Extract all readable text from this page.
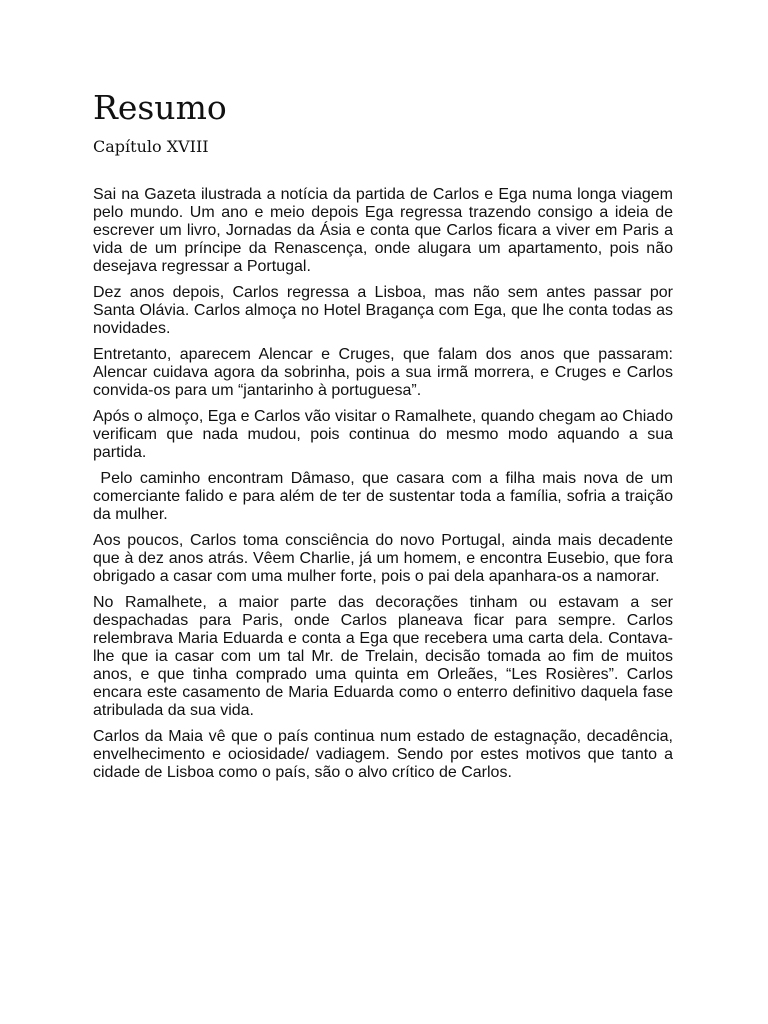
Resumo
Capítulo XVIII

Sai na Gazeta ilustrada a notícia da partida de Carlos e Ega numa longa viagem pelo mundo. Um ano e meio depois Ega regressa trazendo consigo a ideia de escrever um livro, Jornadas da Ásia e conta que Carlos ficara a viver em Paris a vida de um príncipe da Renascença, onde alugara um apartamento, pois não desejava regressar a Portugal.

Dez anos depois, Carlos regressa a Lisboa, mas não sem antes passar por Santa Olávia. Carlos almoça no Hotel Bragança com Ega, que lhe conta todas as novidades.

Entretanto, aparecem Alencar e Cruges, que falam dos anos que passaram: Alencar cuidava agora da sobrinha, pois a sua irmã morrera, e Cruges e Carlos convida-os para um “jantarinho à portuguesa”.

Após o almoço, Ega e Carlos vão visitar o Ramalhete, quando chegam ao Chiado verificam que nada mudou, pois continua do mesmo modo aquando a sua partida.

Pelo caminho encontram Dâmaso, que casara com a filha mais nova de um comerciante falido e para além de ter de sustentar toda a família, sofria a traição da mulher.

Aos poucos, Carlos toma consciência do novo Portugal, ainda mais decadente que à dez anos atrás. Vêem Charlie, já um homem, e encontra Eusebio, que fora obrigado a casar com uma mulher forte, pois o pai dela apanhara-os a namorar.

No Ramalhete, a maior parte das decorações tinham ou estavam a ser despachadas para Paris, onde Carlos planeava ficar para sempre. Carlos relembrava Maria Eduarda e conta a Ega que recebera uma carta dela. Contava-lhe que ia casar com um tal Mr. de Trelain, decisão tomada ao fim de muitos anos, e que tinha comprado uma quinta em Orleães, “Les Rosières”. Carlos encara este casamento de Maria Eduarda como o enterro definitivo daquela fase atribulada da sua vida.

Carlos da Maia vê que o país continua num estado de estagnação, decadência, envelhecimento e ociosidade/ vadiagem. Sendo por estes motivos que tanto a cidade de Lisboa como o país, são o alvo crítico de Carlos.
